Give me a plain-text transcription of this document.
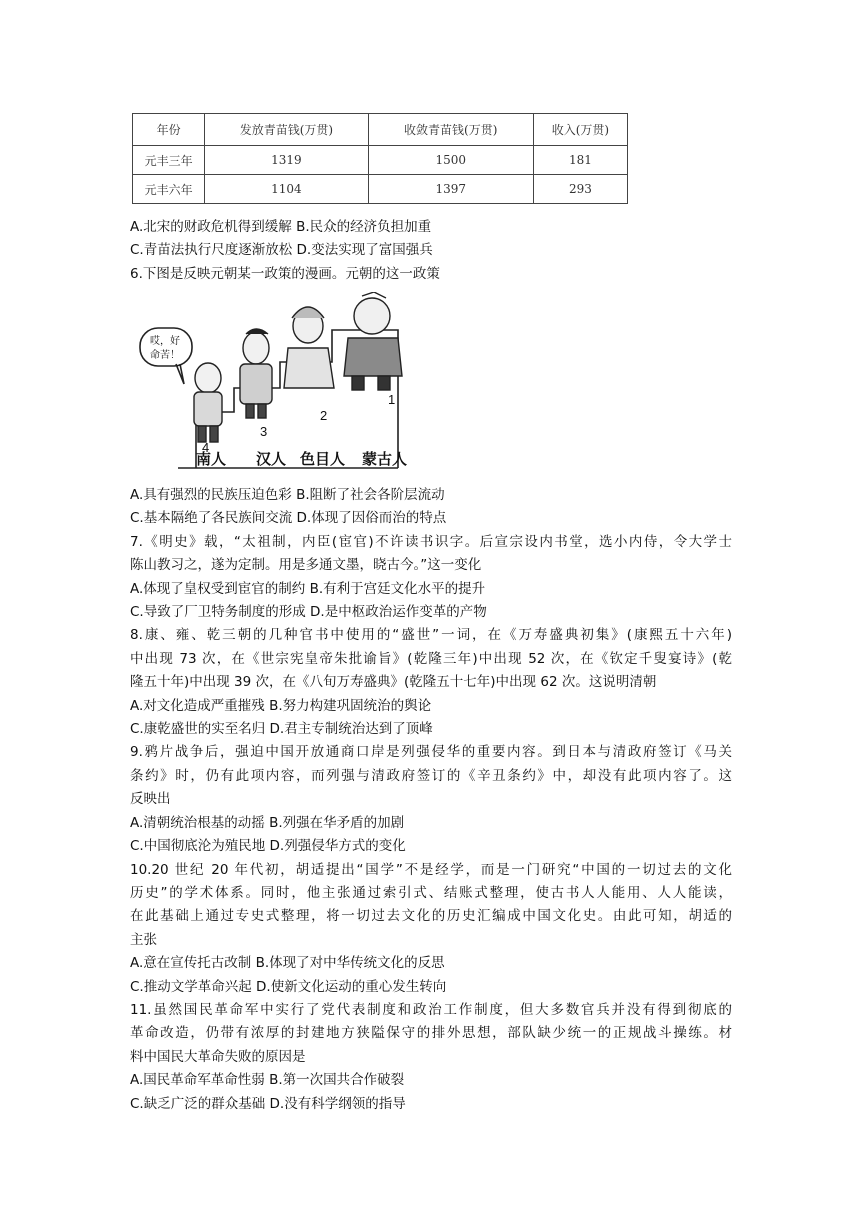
年份	发放青苗钱(万贯)	收敛青苗钱(万贯)	收入(万贯)
元丰三年	1319	1500	181
元丰六年	1104	1397	293
A.北宋的财政危机得到缓解 B.民众的经济负担加重
C.青苗法执行尺度逐渐放松 D.变法实现了富国强兵
6.下图是反映元朝某一政策的漫画。元朝的这一政策
哎，好
命苦！
4
3
2
1
南人 汉人 色目人 蒙古人
A.具有强烈的民族压迫色彩 B.阻断了社会各阶层流动
C.基本隔绝了各民族间交流 D.体现了因俗而治的特点
7.《明史》载，“太祖制，内臣(宦官)不许读书识字。后宣宗设内书堂，选小内侍，令大学士
陈山教习之，遂为定制。用是多通文墨，晓古今。”这一变化
A.体现了皇权受到宦官的制约 B.有利于宫廷文化水平的提升
C.导致了厂卫特务制度的形成 D.是中枢政治运作变革的产物
8.康、雍、乾三朝的几种官书中使用的“盛世”一词，在《万寿盛典初集》(康熙五十六年)
中出现 73 次，在《世宗宪皇帝朱批谕旨》(乾隆三年)中出现 52 次，在《钦定千叟宴诗》(乾
隆五十年)中出现 39 次，在《八旬万寿盛典》(乾隆五十七年)中出现 62 次。这说明清朝
A.对文化造成严重摧残 B.努力构建巩固统治的舆论
C.康乾盛世的实至名归 D.君主专制统治达到了顶峰
9.鸦片战争后，强迫中国开放通商口岸是列强侵华的重要内容。到日本与清政府签订《马关
条约》时，仍有此项内容，而列强与清政府签订的《辛丑条约》中，却没有此项内容了。这
反映出
A.清朝统治根基的动摇 B.列强在华矛盾的加剧
C.中国彻底沦为殖民地 D.列强侵华方式的变化
10.20 世纪 20 年代初，胡适提出“国学”不是经学，而是一门研究“中国的一切过去的文化
历史”的学术体系。同时，他主张通过索引式、结账式整理，使古书人人能用、人人能读，
在此基础上通过专史式整理，将一切过去文化的历史汇编成中国文化史。由此可知，胡适的
主张
A.意在宣传托古改制 B.体现了对中华传统文化的反思
C.推动文学革命兴起 D.使新文化运动的重心发生转向
11.虽然国民革命军中实行了党代表制度和政治工作制度，但大多数官兵并没有得到彻底的
革命改造，仍带有浓厚的封建地方狭隘保守的排外思想，部队缺少统一的正规战斗操练。材
料中国民大革命失败的原因是
A.国民革命军革命性弱 B.第一次国共合作破裂
C.缺乏广泛的群众基础 D.没有科学纲领的指导
